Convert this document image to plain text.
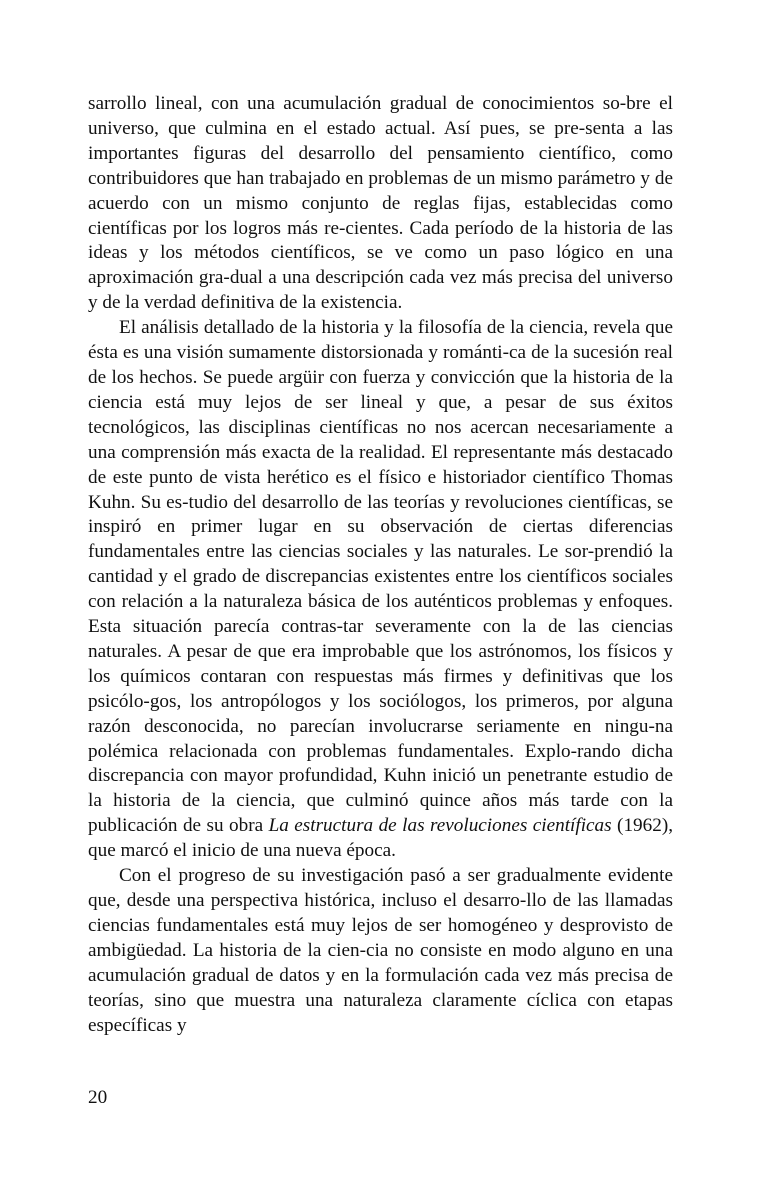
sarrollo lineal, con una acumulación gradual de conocimientos so-bre el universo, que culmina en el estado actual. Así pues, se pre-senta a las importantes figuras del desarrollo del pensamiento científico, como contribuidores que han trabajado en problemas de un mismo parámetro y de acuerdo con un mismo conjunto de reglas fijas, establecidas como científicas por los logros más re-cientes. Cada período de la historia de las ideas y los métodos científicos, se ve como un paso lógico en una aproximación gra-dual a una descripción cada vez más precisa del universo y de la verdad definitiva de la existencia.

El análisis detallado de la historia y la filosofía de la ciencia, revela que ésta es una visión sumamente distorsionada y románti-ca de la sucesión real de los hechos. Se puede argüir con fuerza y convicción que la historia de la ciencia está muy lejos de ser lineal y que, a pesar de sus éxitos tecnológicos, las disciplinas científicas no nos acercan necesariamente a una comprensión más exacta de la realidad. El representante más destacado de este punto de vista herético es el físico e historiador científico Thomas Kuhn. Su es-tudio del desarrollo de las teorías y revoluciones científicas, se inspiró en primer lugar en su observación de ciertas diferencias fundamentales entre las ciencias sociales y las naturales. Le sor-prendió la cantidad y el grado de discrepancias existentes entre los científicos sociales con relación a la naturaleza básica de los auténticos problemas y enfoques. Esta situación parecía contras-tar severamente con la de las ciencias naturales. A pesar de que era improbable que los astrónomos, los físicos y los químicos contaran con respuestas más firmes y definitivas que los psicólo-gos, los antropólogos y los sociólogos, los primeros, por alguna razón desconocida, no parecían involucrarse seriamente en ningu-na polémica relacionada con problemas fundamentales. Explo-rando dicha discrepancia con mayor profundidad, Kuhn inició un penetrante estudio de la historia de la ciencia, que culminó quince años más tarde con la publicación de su obra La estructura de las revoluciones científicas (1962), que marcó el inicio de una nueva época.

Con el progreso de su investigación pasó a ser gradualmente evidente que, desde una perspectiva histórica, incluso el desarro-llo de las llamadas ciencias fundamentales está muy lejos de ser homogéneo y desprovisto de ambigüedad. La historia de la cien-cia no consiste en modo alguno en una acumulación gradual de datos y en la formulación cada vez más precisa de teorías, sino que muestra una naturaleza claramente cíclica con etapas específicas y

20
